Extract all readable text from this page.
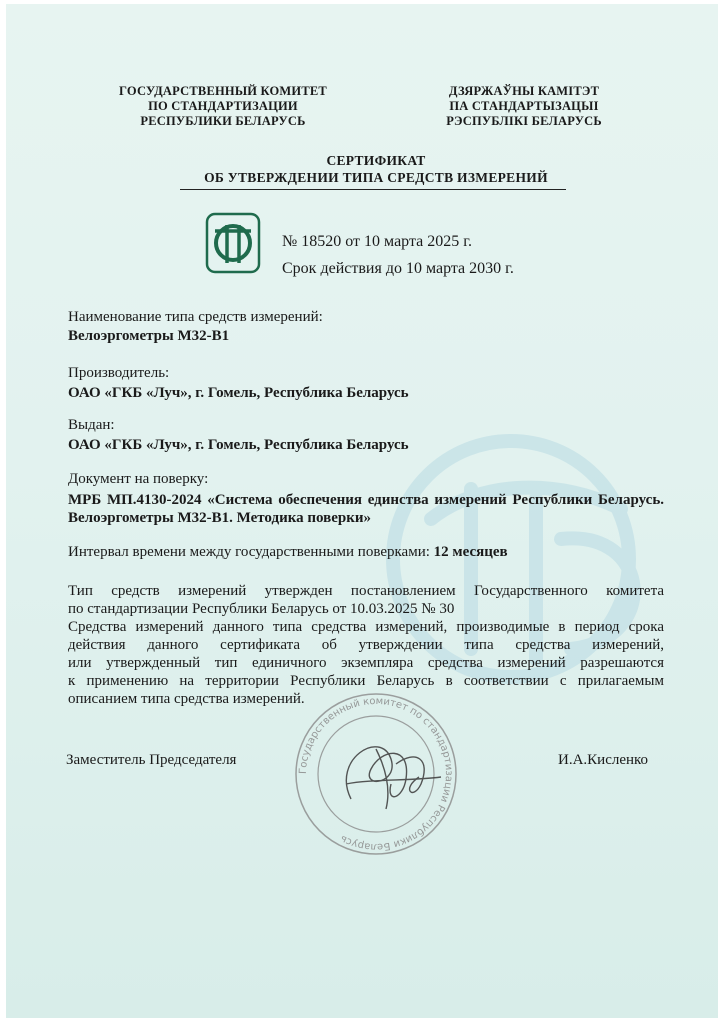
ГОСУДАРСТВЕННЫЙ КОМИТЕТ
ПО СТАНДАРТИЗАЦИИ
РЕСПУБЛИКИ БЕЛАРУСЬ
ДЗЯРЖАЎНЫ КАМІТЭТ
ПА СТАНДАРТЫЗАЦЫІ
РЭСПУБЛІКІ БЕЛАРУСЬ
СЕРТИФИКАТ
ОБ УТВЕРЖДЕНИИ ТИПА СРЕДСТВ ИЗМЕРЕНИЙ
№ 18520 от 10 марта 2025 г.
Срок действия до 10 марта 2030 г.
Наименование типа средств измерений:
Велоэргометры М32-В1
Производитель:
ОАО «ГКБ «Луч», г. Гомель, Республика Беларусь
Выдан:
ОАО «ГКБ «Луч», г. Гомель, Республика Беларусь
Документ на поверку:
МРБ МП.4130-2024 «Система обеспечения единства измерений Республики Беларусь.
Велоэргометры М32-В1. Методика поверки»
Интервал времени между государственными поверками: 12 месяцев
Тип средств измерений утвержден постановлением Государственного комитета
по стандартизации Республики Беларусь от 10.03.2025 № 30
Средства измерений данного типа средства измерений, производимые в период срока
действия данного сертификата об утверждении типа средства измерений,
или утвержденный тип единичного экземпляра средства измерений разрешаются
к применению на территории Республики Беларусь в соответствии с прилагаемым
описанием типа средства измерений.
Заместитель Председателя
Государственный комитет по стандартизации Республики Беларусь
И.А.Кисленко
